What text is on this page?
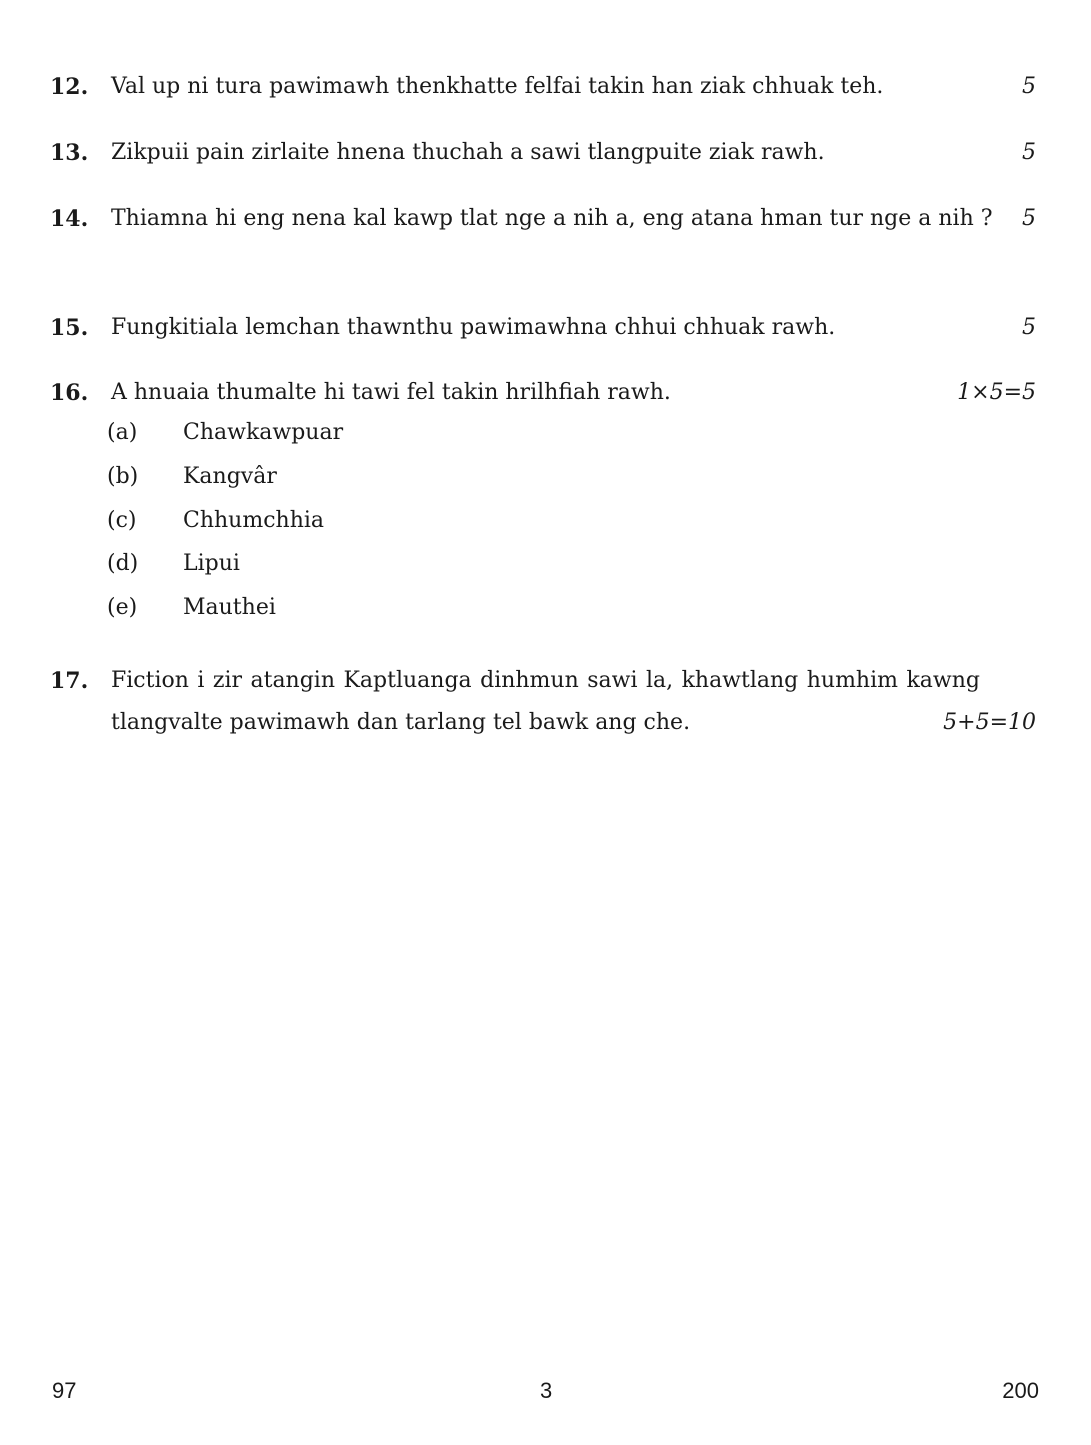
12.	Val up ni tura pawimawh thenkhatte felfai takin han ziak chhuak teh.	5
13.	Zikpuii pain zirlaite hnena thuchah a sawi tlangpuite ziak rawh.	5
14.	Thiamna hi eng nena kal kawp tlat nge a nih a, eng atana hman tur nge a nih ? 5
15.	Fungkitiala lemchan thawnthu pawimawhna chhui chhuak rawh.	5
16.	A hnuaia thumalte hi tawi fel takin hrilhfiah rawh.	1×5=5
(a)	Chawkawpuar
(b)	Kangvâr
(c)	Chhumchhia
(d)	Lipui
(e)	Mauthei
17.	Fiction i zir atangin Kaptluanga dinhmun sawi la, khawtlang humhim kawng tlangvalte pawimawh dan tarlang tel bawk ang che.	5+5=10
97	3	200
